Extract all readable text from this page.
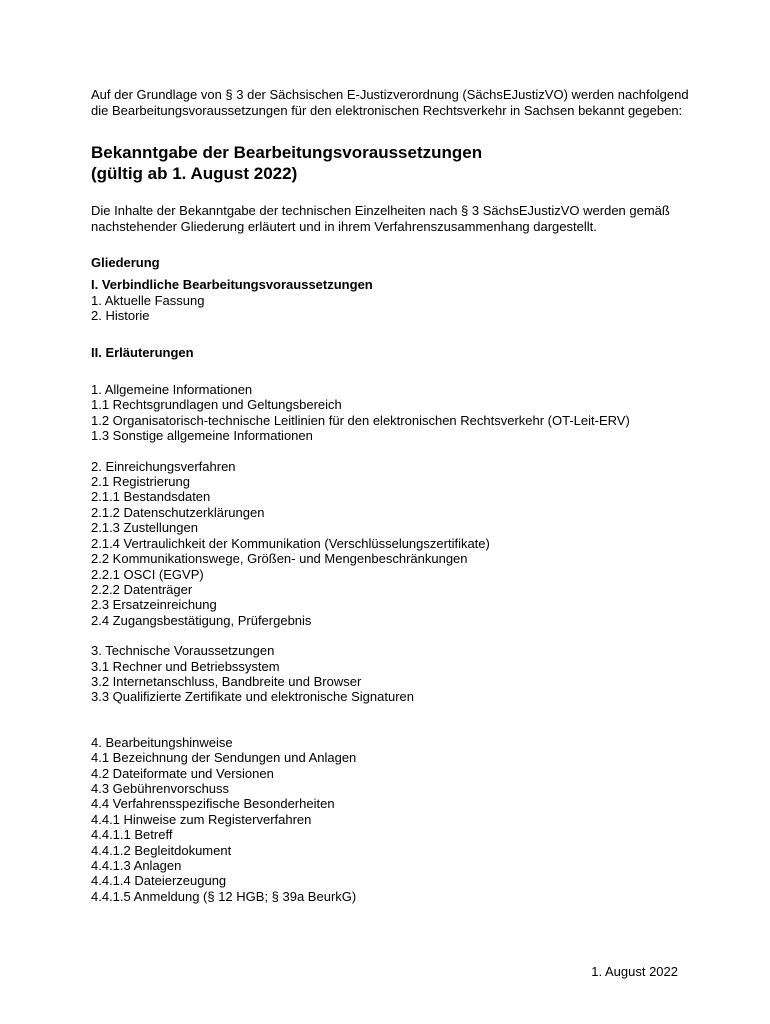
Auf der Grundlage von § 3 der Sächsischen E-Justizverordnung (SächsEJustizVO) werden nachfolgend die Bearbeitungsvoraussetzungen für den elektronischen Rechtsverkehr in Sachsen bekannt gegeben:

Bekanntgabe der Bearbeitungsvoraussetzungen

(gültig ab 1. August 2022)

Die Inhalte der Bekanntgabe der technischen Einzelheiten nach § 3 SächsEJustizVO werden gemäß nachstehender Gliederung erläutert und in ihrem Verfahrenszusammenhang dargestellt.

Gliederung

I. Verbindliche Bearbeitungsvoraussetzungen

1. Aktuelle Fassung

2. Historie

II. Erläuterungen

1. Allgemeine Informationen

1.1 Rechtsgrundlagen und Geltungsbereich

1.2 Organisatorisch-technische Leitlinien für den elektronischen Rechtsverkehr (OT-Leit-ERV)

1.3 Sonstige allgemeine Informationen

2. Einreichungsverfahren

2.1 Registrierung

2.1.1 Bestandsdaten

2.1.2 Datenschutzerklärungen

2.1.3 Zustellungen

2.1.4 Vertraulichkeit der Kommunikation (Verschlüsselungszertifikate)

2.2 Kommunikationswege, Größen- und Mengenbeschränkungen

2.2.1 OSCI (EGVP)

2.2.2 Datenträger

2.3 Ersatzeinreichung

2.4 Zugangsbestätigung, Prüfergebnis

3. Technische Voraussetzungen

3.1 Rechner und Betriebssystem

3.2 Internetanschluss, Bandbreite und Browser

3.3 Qualifizierte Zertifikate und elektronische Signaturen

4. Bearbeitungshinweise

4.1 Bezeichnung der Sendungen und Anlagen

4.2 Dateiformate und Versionen

4.3 Gebührenvorschuss

4.4 Verfahrensspezifische Besonderheiten

4.4.1 Hinweise zum Registerverfahren

4.4.1.1 Betreff

4.4.1.2 Begleitdokument

4.4.1.3 Anlagen

4.4.1.4 Dateierzeugung

4.4.1.5 Anmeldung (§ 12 HGB; § 39a BeurkG)

1. August 2022
